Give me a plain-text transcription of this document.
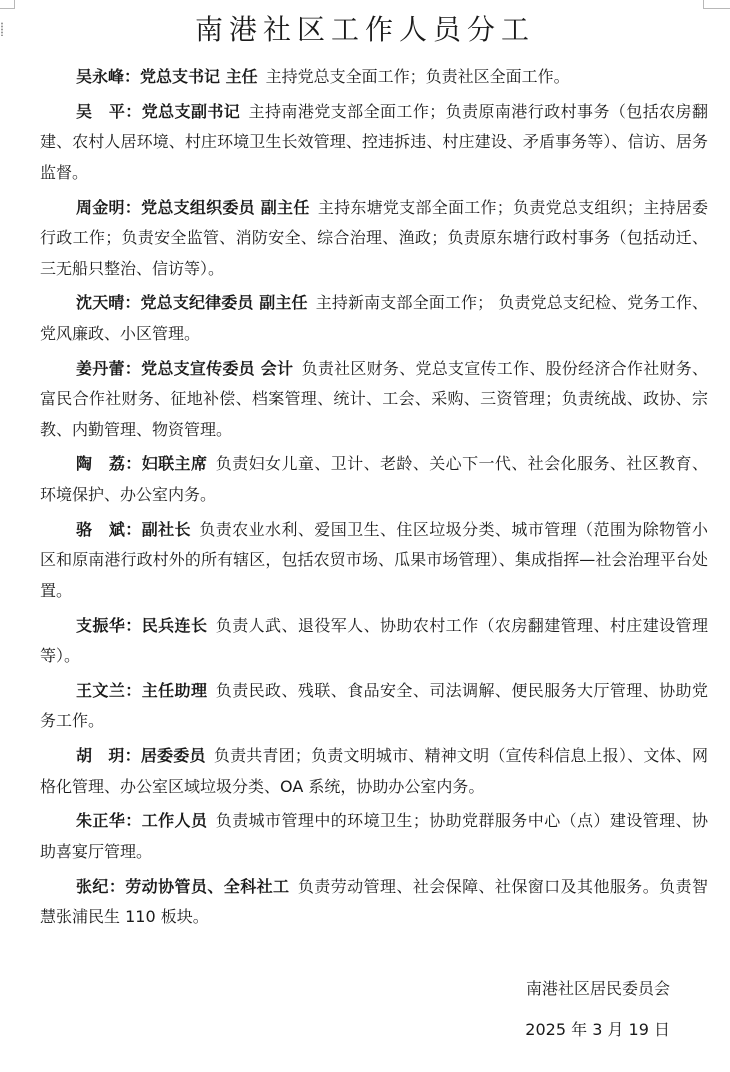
南港社区工作人员分工

吴永峰：党总支书记 主任 主持党总支全面工作；负责社区全面工作。

吴　平：党总支副书记 主持南港党支部全面工作；负责原南港行政村事务（包括农房翻建、农村人居环境、村庄环境卫生长效管理、控违拆违、村庄建设、矛盾事务等）、信访、居务监督。

周金明：党总支组织委员 副主任 主持东塘党支部全面工作；负责党总支组织；主持居委行政工作；负责安全监管、消防安全、综合治理、渔政；负责原东塘行政村事务（包括动迁、三无船只整治、信访等）。

沈天晴：党总支纪律委员 副主任 主持新南支部全面工作； 负责党总支纪检、党务工作、党风廉政、小区管理。

姜丹蕾：党总支宣传委员 会计 负责社区财务、党总支宣传工作、股份经济合作社财务、富民合作社财务、征地补偿、档案管理、统计、工会、采购、三资管理；负责统战、政协、宗教、内勤管理、物资管理。

陶　荔：妇联主席 负责妇女儿童、卫计、老龄、关心下一代、社会化服务、社区教育、环境保护、办公室内务。

骆　斌：副社长 负责农业水利、爱国卫生、住区垃圾分类、城市管理（范围为除物管小区和原南港行政村外的所有辖区，包括农贸市场、瓜果市场管理）、集成指挥—社会治理平台处置。

支振华：民兵连长 负责人武、退役军人、协助农村工作（农房翻建管理、村庄建设管理等）。

王文兰：主任助理 负责民政、残联、食品安全、司法调解、便民服务大厅管理、协助党务工作。

胡　玥：居委委员 负责共青团；负责文明城市、精神文明（宣传科信息上报）、文体、网格化管理、办公室区域垃圾分类、OA 系统，协助办公室内务。

朱正华：工作人员 负责城市管理中的环境卫生；协助党群服务中心（点）建设管理、协助喜宴厅管理。

张纪：劳动协管员、全科社工 负责劳动管理、社会保障、社保窗口及其他服务。负责智慧张浦民生 110 板块。

南港社区居民委员会
2025 年 3 月 19 日
